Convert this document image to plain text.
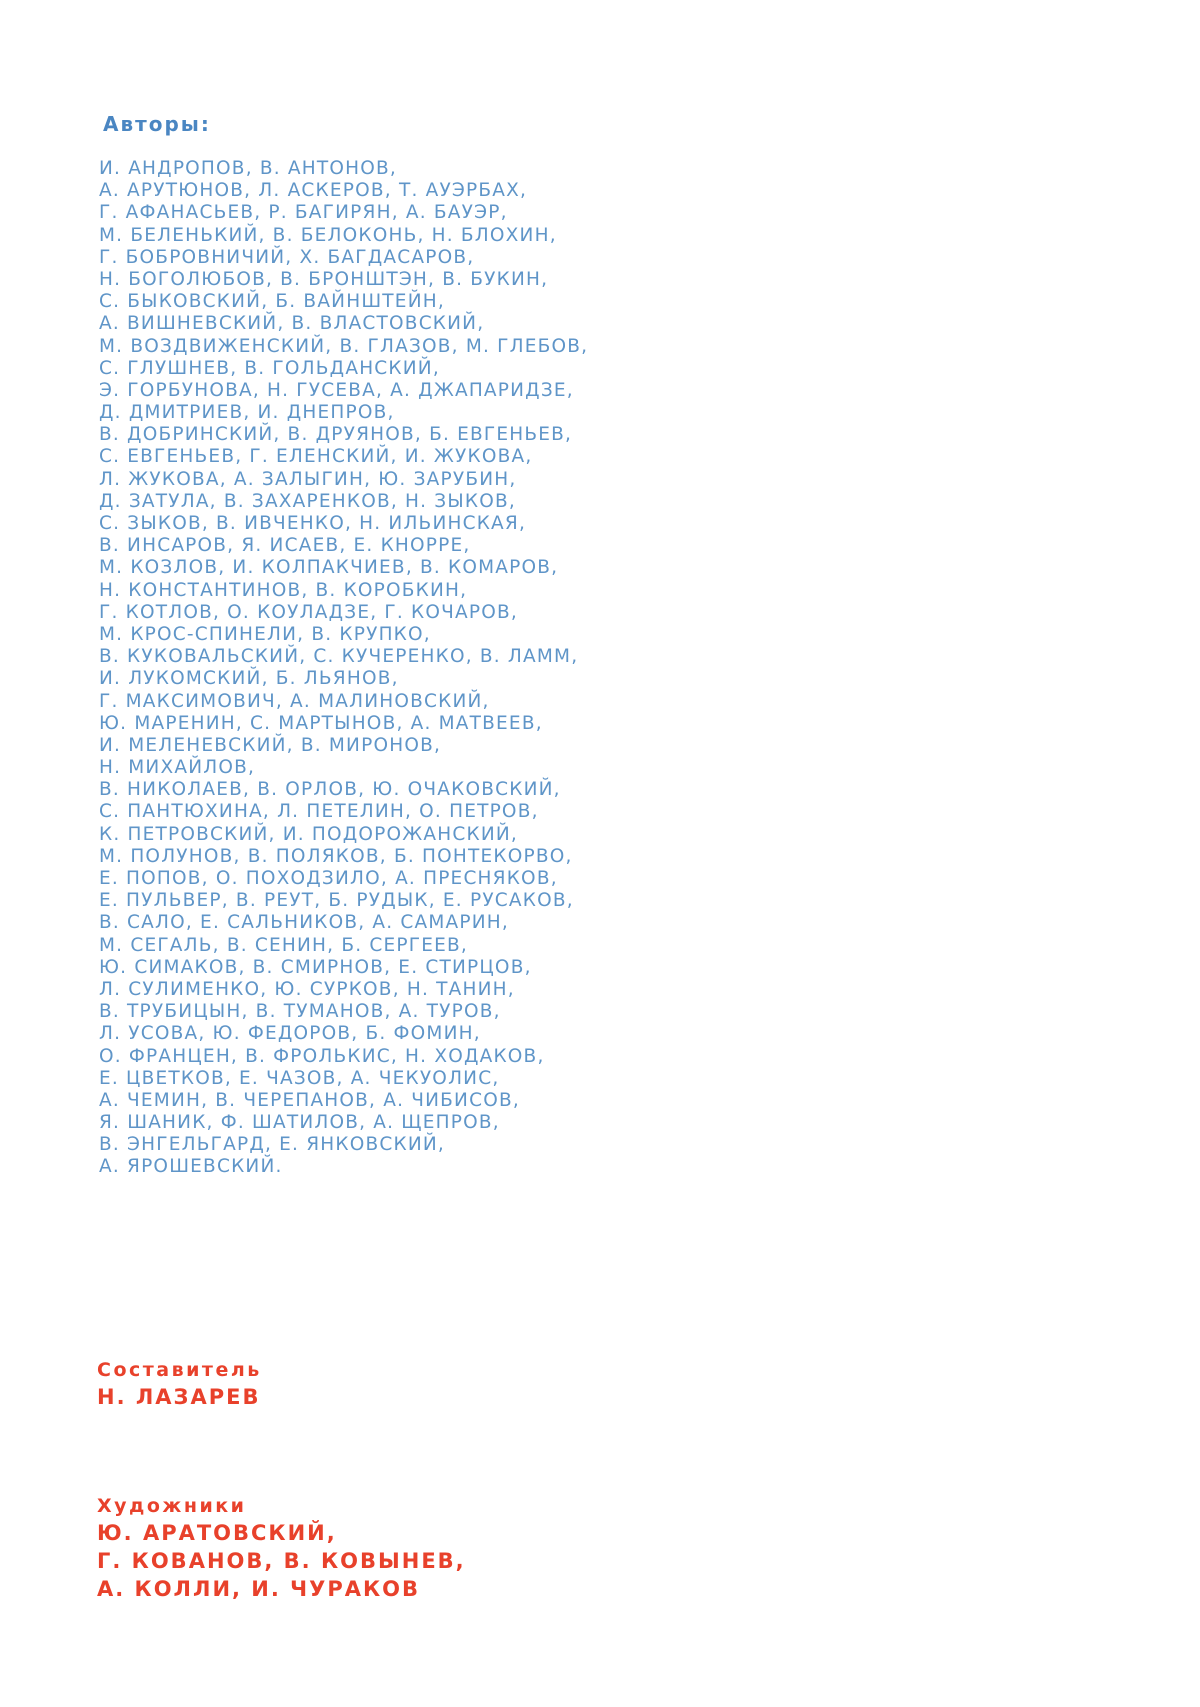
Авторы:
И. АНДРОПОВ, В. АНТОНОВ,
А. АРУТЮНОВ, Л. АСКЕРОВ, Т. АУЭРБАХ,
Г. АФАНАСЬЕВ, Р. БАГИРЯН, А. БАУЭР,
М. БЕЛЕНЬКИЙ, В. БЕЛОКОНЬ, Н. БЛОХИН,
Г. БОБРОВНИЧИЙ, Х. БАГДАСАРОВ,
Н. БОГОЛЮБОВ, В. БРОНШТЭН, В. БУКИН,
С. БЫКОВСКИЙ, Б. ВАЙНШТЕЙН,
А. ВИШНЕВСКИЙ, В. ВЛАСТОВСКИЙ,
М. ВОЗДВИЖЕНСКИЙ, В. ГЛАЗОВ, М. ГЛЕБОВ,
С. ГЛУШНЕВ, В. ГОЛЬДАНСКИЙ,
Э. ГОРБУНОВА, Н. ГУСЕВА, А. ДЖАПАРИДЗЕ,
Д. ДМИТРИЕВ, И. ДНЕПРОВ,
В. ДОБРИНСКИЙ, В. ДРУЯНОВ, Б. ЕВГЕНЬЕВ,
С. ЕВГЕНЬЕВ, Г. ЕЛЕНСКИЙ, И. ЖУКОВА,
Л. ЖУКОВА, А. ЗАЛЫГИН, Ю. ЗАРУБИН,
Д. ЗАТУЛА, В. ЗАХАРЕНКОВ, Н. ЗЫКОВ,
С. ЗЫКОВ, В. ИВЧЕНКО, Н. ИЛЬИНСКАЯ,
В. ИНСАРОВ, Я. ИСАЕВ, Е. КНОРРЕ,
М. КОЗЛОВ, И. КОЛПАКЧИЕВ, В. КОМАРОВ,
Н. КОНСТАНТИНОВ, В. КОРОБКИН,
Г. КОТЛОВ, О. КОУЛАДЗЕ, Г. КОЧАРОВ,
М. КРОС-СПИНЕЛИ, В. КРУПКО,
В. КУКОВАЛЬСКИЙ, С. КУЧЕРЕНКО, В. ЛАММ,
И. ЛУКОМСКИЙ, Б. ЛЬЯНОВ,
Г. МАКСИМОВИЧ, А. МАЛИНОВСКИЙ,
Ю. МАРЕНИН, С. МАРТЫНОВ, А. МАТВЕЕВ,
И. МЕЛЕНЕВСКИЙ, В. МИРОНОВ,
Н. МИХАЙЛОВ,
В. НИКОЛАЕВ, В. ОРЛОВ, Ю. ОЧАКОВСКИЙ,
С. ПАНТЮХИНА, Л. ПЕТЕЛИН, О. ПЕТРОВ,
К. ПЕТРОВСКИЙ, И. ПОДОРОЖАНСКИЙ,
М. ПОЛУНОВ, В. ПОЛЯКОВ, Б. ПОНТЕКОРВО,
Е. ПОПОВ, О. ПОХОДЗИЛО, А. ПРЕСНЯКОВ,
Е. ПУЛЬВЕР, В. РЕУТ, Б. РУДЫК, Е. РУСАКОВ,
В. САЛО, Е. САЛЬНИКОВ, А. САМАРИН,
М. СЕГАЛЬ, В. СЕНИН, Б. СЕРГЕЕВ,
Ю. СИМАКОВ, В. СМИРНОВ, Е. СТИРЦОВ,
Л. СУЛИМЕНКО, Ю. СУРКОВ, Н. ТАНИН,
В. ТРУБИЦЫН, В. ТУМАНОВ, А. ТУРОВ,
Л. УСОВА, Ю. ФЕДОРОВ, Б. ФОМИН,
О. ФРАНЦЕН, В. ФРОЛЬКИС, Н. ХОДАКОВ,
Е. ЦВЕТКОВ, Е. ЧАЗОВ, А. ЧЕКУОЛИС,
А. ЧЕМИН, В. ЧЕРЕПАНОВ, А. ЧИБИСОВ,
Я. ШАНИК, Ф. ШАТИЛОВ, А. ЩЕПРОВ,
В. ЭНГЕЛЬГАРД, Е. ЯНКОВСКИЙ,
А. ЯРОШЕВСКИЙ.
Составитель
Н. ЛАЗАРЕВ
Художники
Ю. АРАТОВСКИЙ,
Г. КОВАНОВ, В. КОВЫНЕВ,
А. КОЛЛИ, И. ЧУРАКОВ
